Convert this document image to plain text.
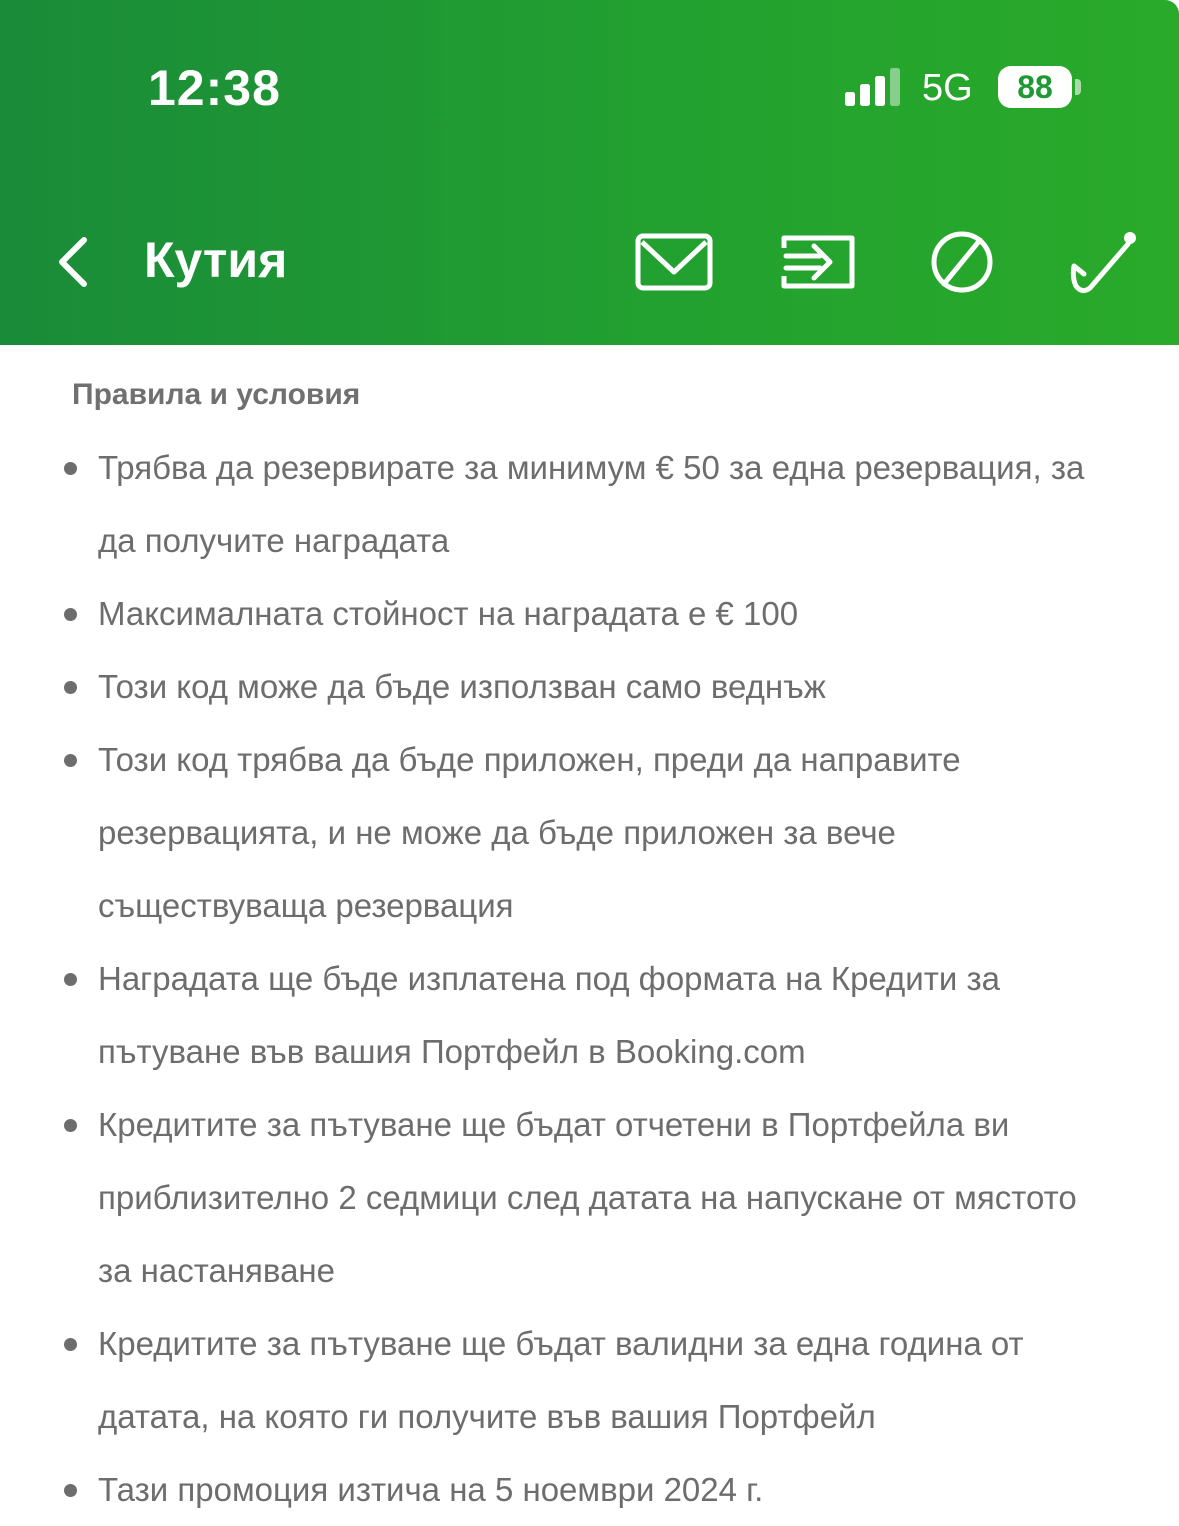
12:38	5G	88
Кутия
Правила и условия
Трябва да резервирате за минимум € 50 за една резервация, за да получите наградата
Максималната стойност на наградата е € 100
Този код може да бъде използван само веднъж
Този код трябва да бъде приложен, преди да направите резервацията, и не може да бъде приложен за вече съществуваща резервация
Наградата ще бъде изплатена под формата на Кредити за пътуване във вашия Портфейл в Booking.com
Кредитите за пътуване ще бъдат отчетени в Портфейла ви приблизително 2 седмици след датата на напускане от мястото за настаняване
Кредитите за пътуване ще бъдат валидни за една година от датата, на която ги получите във вашия Портфейл
Тази промоция изтича на 5 ноември 2024 г.
